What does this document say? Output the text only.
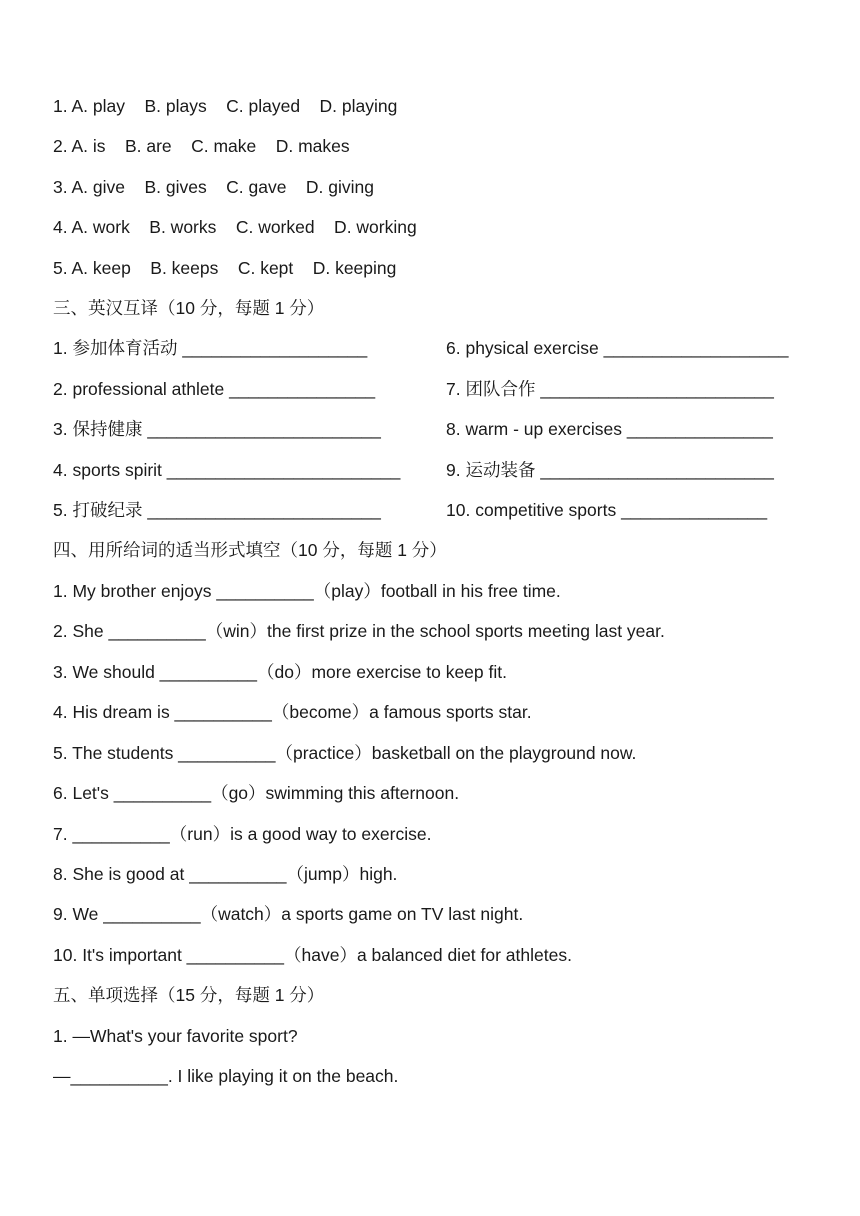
1. A. play    B. plays    C. played    D. playing
2. A. is    B. are    C. make    D. makes
3. A. give    B. gives    C. gave    D. giving
4. A. work    B. works    C. worked    D. working
5. A. keep    B. keeps    C. kept    D. keeping
三、英汉互译（10 分，每题 1 分）
1. 参加体育活动 ___________________	6. physical exercise ___________________
2. professional athlete _______________	7. 团队合作 ________________________
3. 保持健康 ________________________	8. warm - up exercises _______________
4. sports spirit ________________________	9. 运动装备 ________________________
5. 打破纪录 ________________________	10. competitive sports _______________
四、用所给词的适当形式填空（10 分，每题 1 分）
1. My brother enjoys __________（play）football in his free time.
2. She __________（win）the first prize in the school sports meeting last year.
3. We should __________（do）more exercise to keep fit.
4. His dream is __________（become）a famous sports star.
5. The students __________（practice）basketball on the playground now.
6. Let's __________（go）swimming this afternoon.
7. __________（run）is a good way to exercise.
8. She is good at __________（jump）high.
9. We __________（watch）a sports game on TV last night.
10. It's important __________（have）a balanced diet for athletes.
五、单项选择（15 分，每题 1 分）
1. —What's your favorite sport?
—__________. I like playing it on the beach.
